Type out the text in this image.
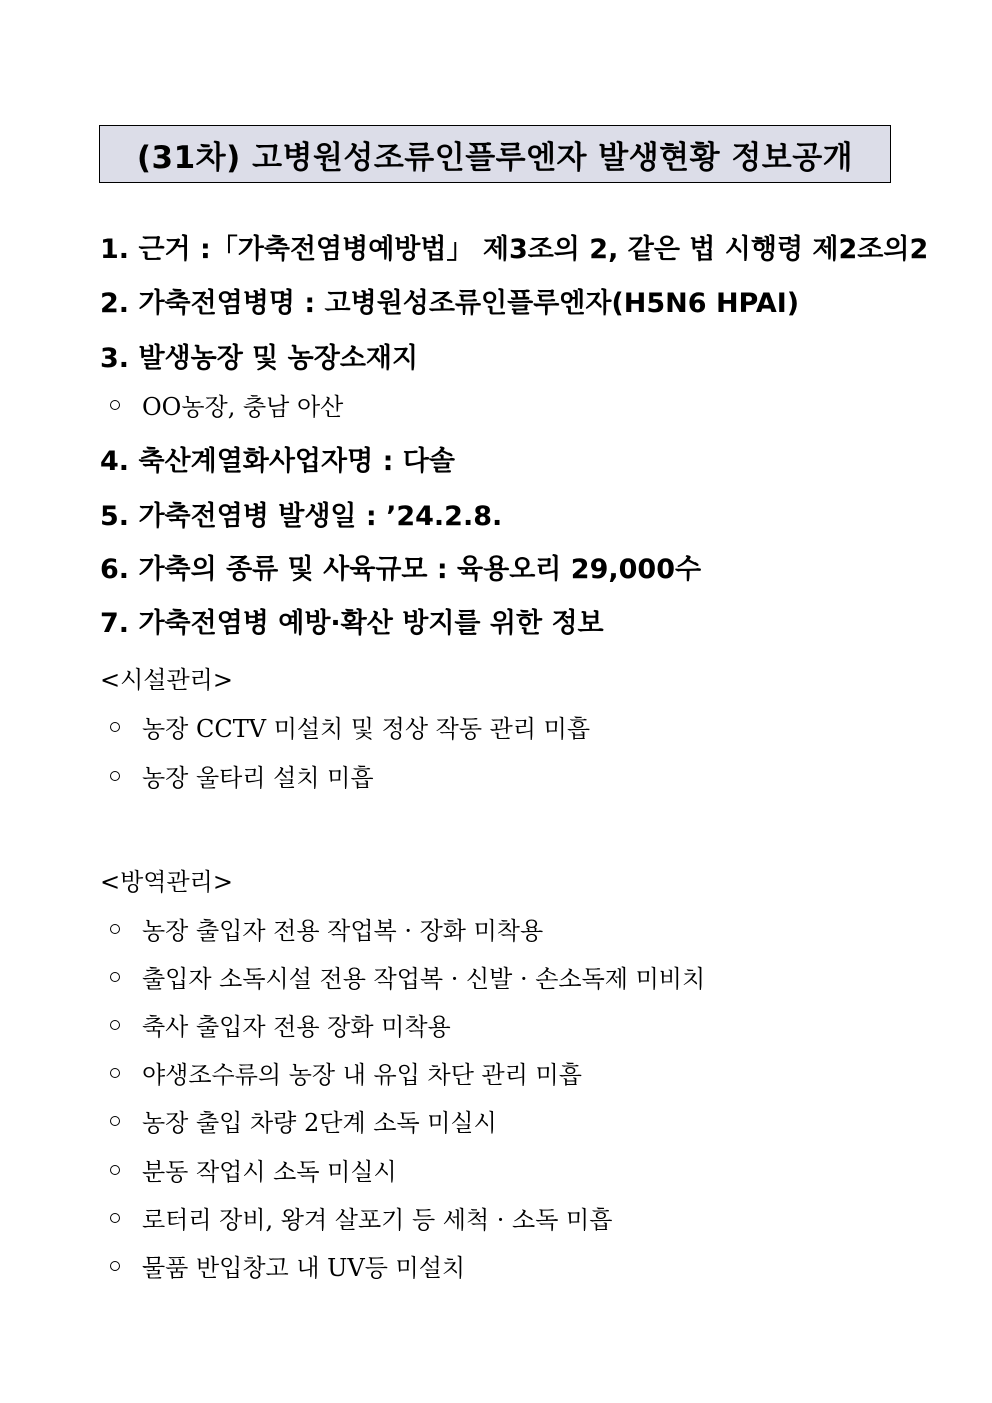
(31차) 고병원성조류인플루엔자 발생현황 정보공개
1. 근거 :「가축전염병예방법」 제3조의 2, 같은 법 시행령 제2조의2
2. 가축전염병명 : 고병원성조류인플루엔자(H5N6 HPAI)
3. 발생농장 및 농장소재지
OO농장, 충남 아산
4. 축산계열화사업자명 : 다솔
5. 가축전염병 발생일 : ’24.2.8.
6. 가축의 종류 및 사육규모 : 육용오리 29,000수
7. 가축전염병 예방·확산 방지를 위한 정보
<시설관리>
농장 CCTV 미설치 및 정상 작동 관리 미흡
농장 울타리 설치 미흡
<방역관리>
농장 출입자 전용 작업복 · 장화 미착용
출입자 소독시설 전용 작업복 · 신발 · 손소독제 미비치
축사 출입자 전용 장화 미착용
야생조수류의 농장 내 유입 차단 관리 미흡
농장 출입 차량 2단계 소독 미실시
분동 작업시 소독 미실시
로터리 장비, 왕겨 살포기 등 세척 · 소독 미흡
물품 반입창고 내 UV등 미설치
